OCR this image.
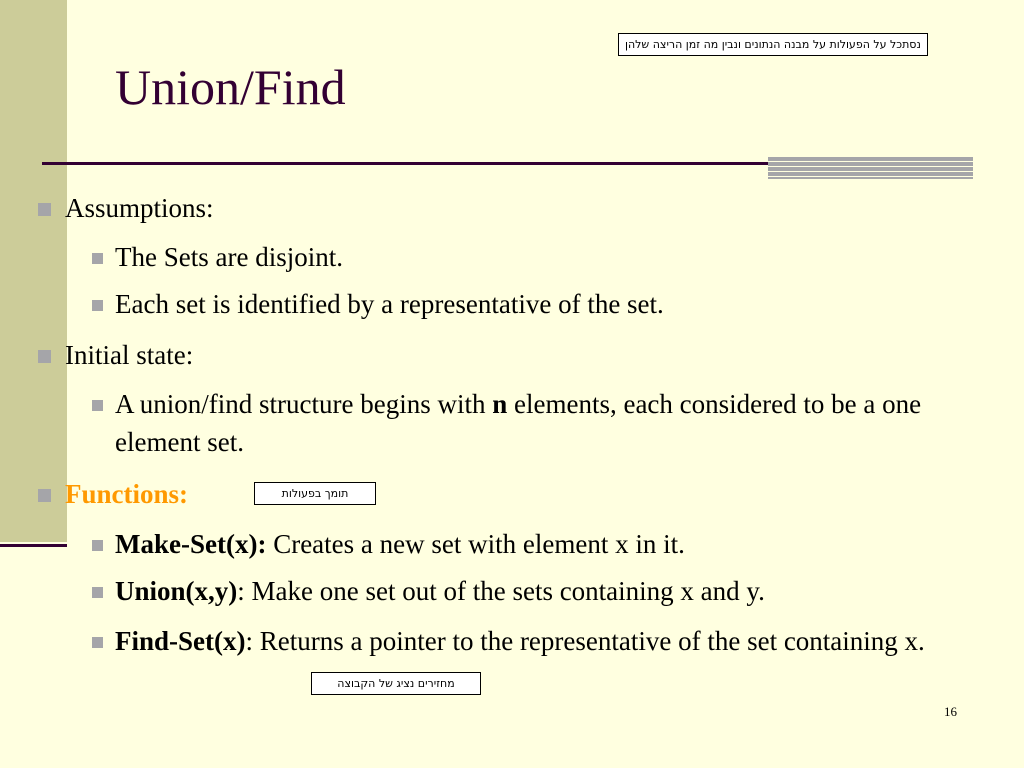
Union/Find
נסתכל על הפעולות על מבנה הנתונים ונבין מה זמן הריצה שלהן
Assumptions:
The Sets are disjoint.
Each set is identified by a representative of the set.
Initial state:
A union/find structure begins with n elements, each considered to be a one element set.
Functions:	תומך בפעולות
Make-Set(x): Creates a new set with element x in it.
Union(x,y): Make one set out of the sets containing x and y.
Find-Set(x): Returns a pointer to the representative of the set containing x.
מחזירים נציג של הקבוצה
16
